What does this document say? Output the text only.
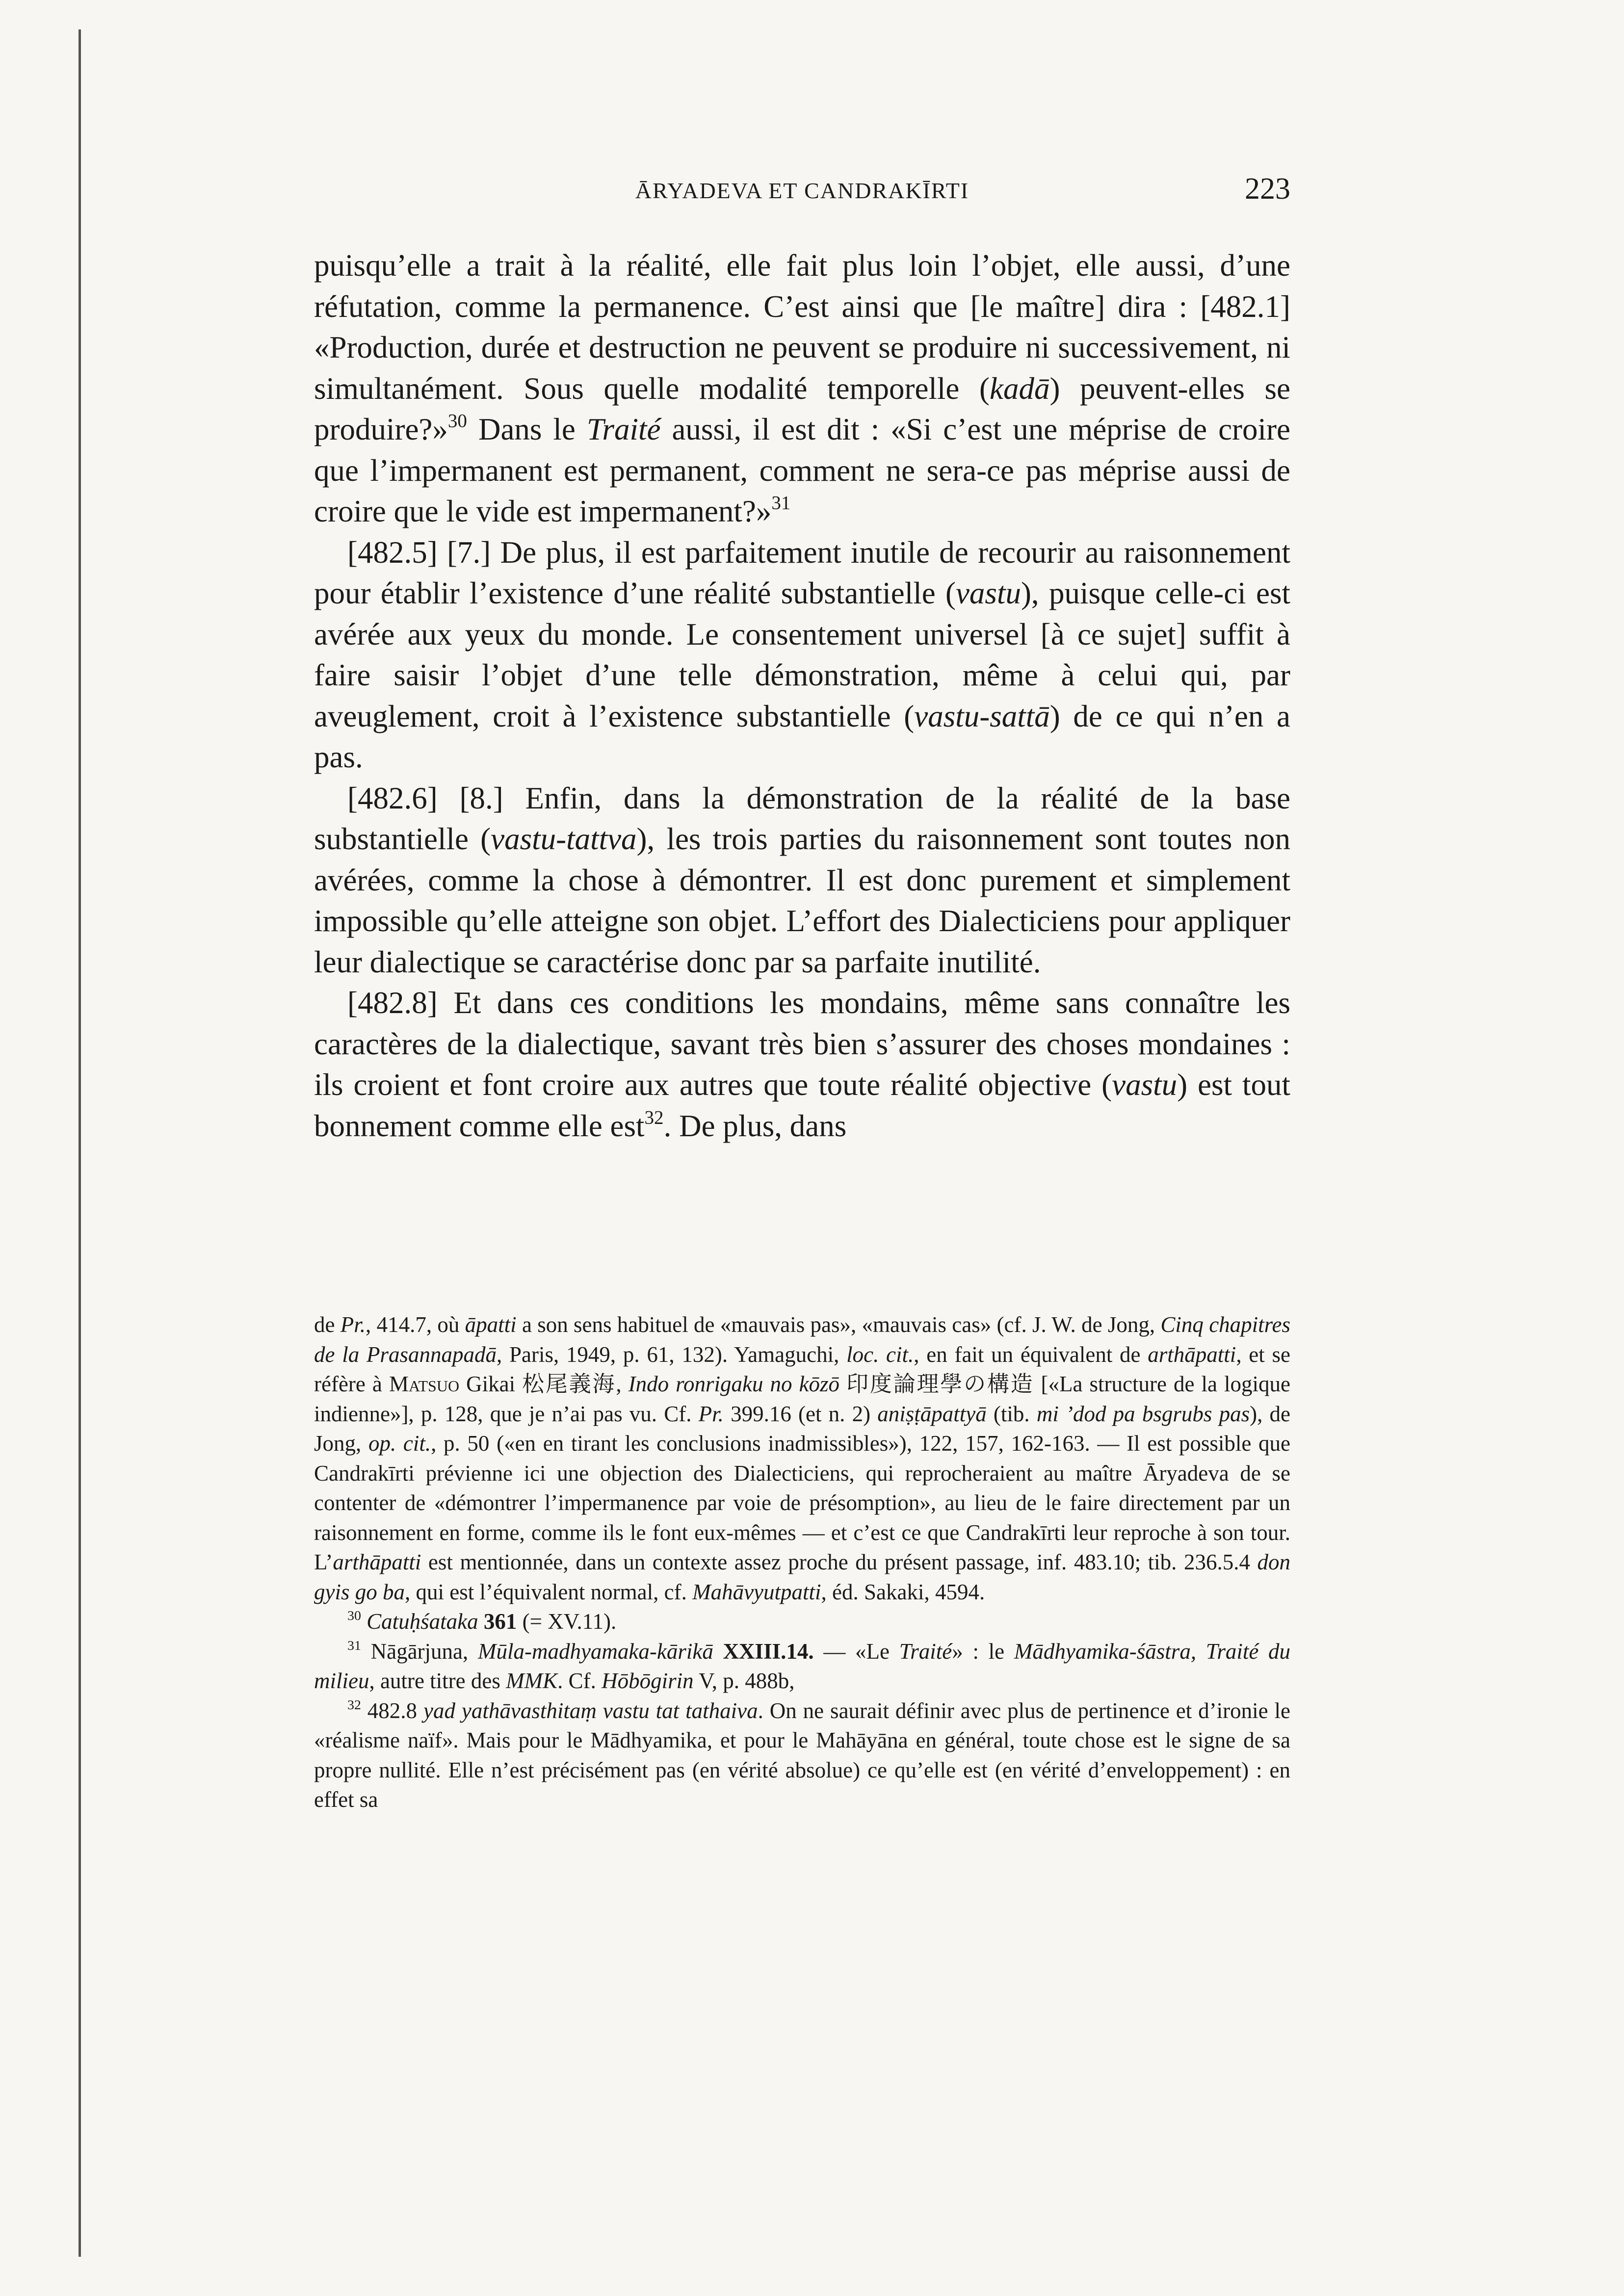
ĀRYADEVA ET CANDRAKĪRTI	223

puisqu’elle a trait à la réalité, elle fait plus loin l’objet, elle aussi, d’une réfutation, comme la permanence. C’est ainsi que [le maître] dira : [482.1] «Production, durée et destruction ne peuvent se produire ni successivement, ni simultanément. Sous quelle modalité temporelle (kadā) peuvent-elles se produire?»$^{30}$ Dans le Traité aussi, il est dit : «Si c’est une méprise de croire que l’impermanent est permanent, comment ne sera-ce pas méprise aussi de croire que le vide est impermanent?»$^{31}$

[482.5] [7.] De plus, il est parfaitement inutile de recourir au raisonnement pour établir l’existence d’une réalité substantielle (vastu), puisque celle-ci est avérée aux yeux du monde. Le consentement universel [à ce sujet] suffit à faire saisir l’objet d’une telle démonstration, même à celui qui, par aveuglement, croit à l’existence substantielle (vastu-sattā) de ce qui n’en a pas.

[482.6] [8.] Enfin, dans la démonstration de la réalité de la base substantielle (vastu-tattva), les trois parties du raisonnement sont toutes non avérées, comme la chose à démontrer. Il est donc purement et simplement impossible qu’elle atteigne son objet. L’effort des Dialecticiens pour appliquer leur dialectique se caractérise donc par sa parfaite inutilité.

[482.8] Et dans ces conditions les mondains, même sans connaître les caractères de la dialectique, savant très bien s’assurer des choses mondaines : ils croient et font croire aux autres que toute réalité objective (vastu) est tout bonnement comme elle est$^{32}$. De plus, dans

de Pr., 414.7, où āpatti a son sens habituel de «mauvais pas», «mauvais cas» (cf. J. W. de Jong, Cinq chapitres de la Prasannapadā, Paris, 1949, p. 61, 132). Yamaguchi, loc. cit., en fait un équivalent de arthāpatti, et se réfère à Matsuo Gikai 松尾義海, Indo ronrigaku no kōzō 印度論理學の構造 [«La structure de la logique indienne»], p. 128, que je n’ai pas vu. Cf. Pr. 399.16 (et n. 2) aniṣṭāpattyā (tib. mi ’dod pa bsgrubs pas), de Jong, op. cit., p. 50 («en en tirant les conclusions inadmissibles»), 122, 157, 162-163. — Il est possible que Candrakīrti prévienne ici une objection des Dialecticiens, qui reprocheraient au maître Āryadeva de se contenter de «démontrer l’impermanence par voie de présomption», au lieu de le faire directement par un raisonnement en forme, comme ils le font eux-mêmes — et c’est ce que Candrakīrti leur reproche à son tour. L’arthāpatti est mentionnée, dans un contexte assez proche du présent passage, inf. 483.10; tib. 236.5.4 don gyis go ba, qui est l’équivalent normal, cf. Mahāvyutpatti, éd. Sakaki, 4594.

$^{30}$ Catuḥśataka 361 (= XV.11).

$^{31}$ Nāgārjuna, Mūla-madhyamaka-kārikā XXIII.14. — «Le Traité» : le Mādhyamika-śāstra, Traité du milieu, autre titre des MMK. Cf. Hōbōgirin V, p. 488b,

$^{32}$ 482.8 yad yathāvasthitaṃ vastu tat tathaiva. On ne saurait définir avec plus de pertinence et d’ironie le «réalisme naïf». Mais pour le Mādhyamika, et pour le Mahāyāna en général, toute chose est le signe de sa propre nullité. Elle n’est précisément pas (en vérité absolue) ce qu’elle est (en vérité d’enveloppement) : en effet sa
